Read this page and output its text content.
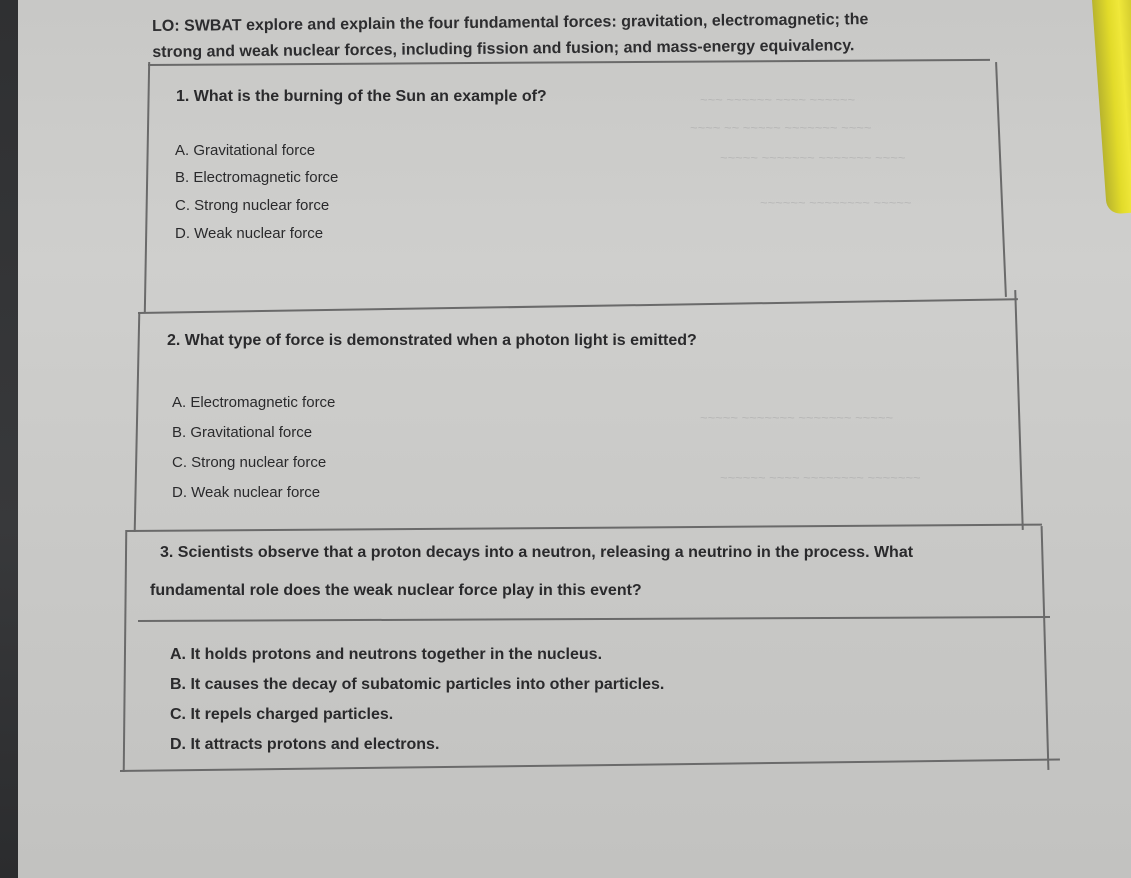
~~~ ~~~~~~ ~~~~ ~~~~~~
~~~~ ~~ ~~~~~ ~~~~~~~ ~~~~
~~~~~ ~~~~~~~ ~~~~~~~ ~~~~
~~~~~~ ~~~~~~~~ ~~~~~
~~~~~ ~~~~~~~ ~~~~~~~ ~~~~~
~~~~~~ ~~~~ ~~~~~~~~ ~~~~~~~
LO: SWBAT explore and explain the four fundamental forces: gravitation, electromagnetic; the
strong and weak nuclear forces, including fission and fusion; and mass-energy equivalency.
1. What is the burning of the Sun an example of?
A. Gravitational force
B. Electromagnetic force
C. Strong nuclear force
D. Weak nuclear force
2. What type of force is demonstrated when a photon light is emitted?
A. Electromagnetic force
B. Gravitational force
C. Strong nuclear force
D. Weak nuclear force
3. Scientists observe that a proton decays into a neutron, releasing a neutrino in the process. What
fundamental role does the weak nuclear force play in this event?
A. It holds protons and neutrons together in the nucleus.
B. It causes the decay of subatomic particles into other particles.
C. It repels charged particles.
D. It attracts protons and electrons.
